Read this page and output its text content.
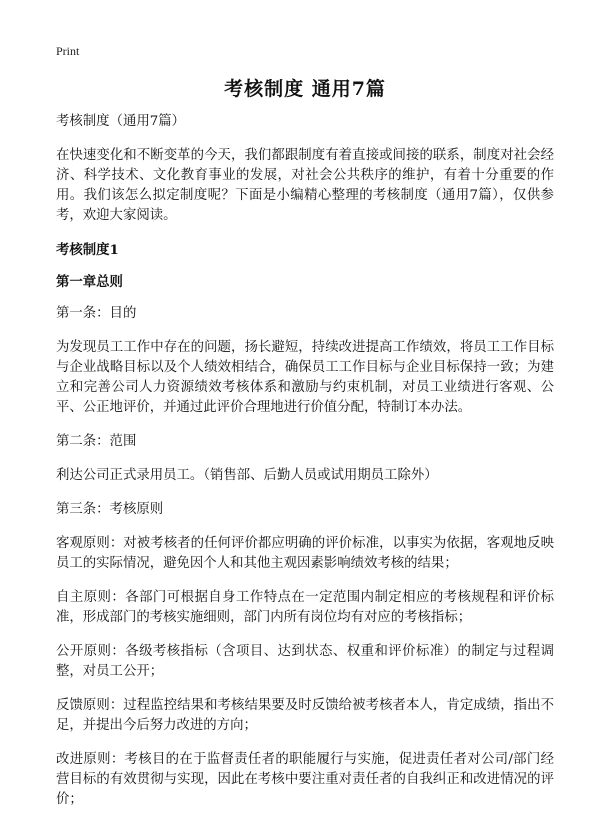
Print
考核制度 通用7篇

考核制度（通用7篇）

在快速变化和不断变革的今天，我们都跟制度有着直接或间接的联系，制度对社会经济、科学技术、文化教育事业的发展，对社会公共秩序的维护，有着十分重要的作用。我们该怎么拟定制度呢？下面是小编精心整理的考核制度（通用7篇），仅供参考，欢迎大家阅读。

考核制度1

第一章总则

第一条：目的

为发现员工工作中存在的问题，扬长避短，持续改进提高工作绩效，将员工工作目标与企业战略目标以及个人绩效相结合，确保员工工作目标与企业目标保持一致；为建立和完善公司人力资源绩效考核体系和激励与约束机制，对员工业绩进行客观、公平、公正地评价，并通过此评价合理地进行价值分配，特制订本办法。

第二条：范围

利达公司正式录用员工。（销售部、后勤人员或试用期员工除外）

第三条：考核原则

客观原则：对被考核者的任何评价都应明确的评价标准，以事实为依据，客观地反映员工的实际情况，避免因个人和其他主观因素影响绩效考核的结果；

自主原则：各部门可根据自身工作特点在一定范围内制定相应的考核规程和评价标准，形成部门的考核实施细则，部门内所有岗位均有对应的考核指标；

公开原则：各级考核指标（含项目、达到状态、权重和评价标准）的制定与过程调整，对员工公开；

反馈原则：过程监控结果和考核结果要及时反馈给被考核者本人，肯定成绩，指出不足，并提出今后努力改进的方向；

改进原则：考核目的在于监督责任者的职能履行与实施，促进责任者对公司/部门经营目标的有效贯彻与实现，因此在考核中要注重对责任者的自我纠正和改进情况的评价；
